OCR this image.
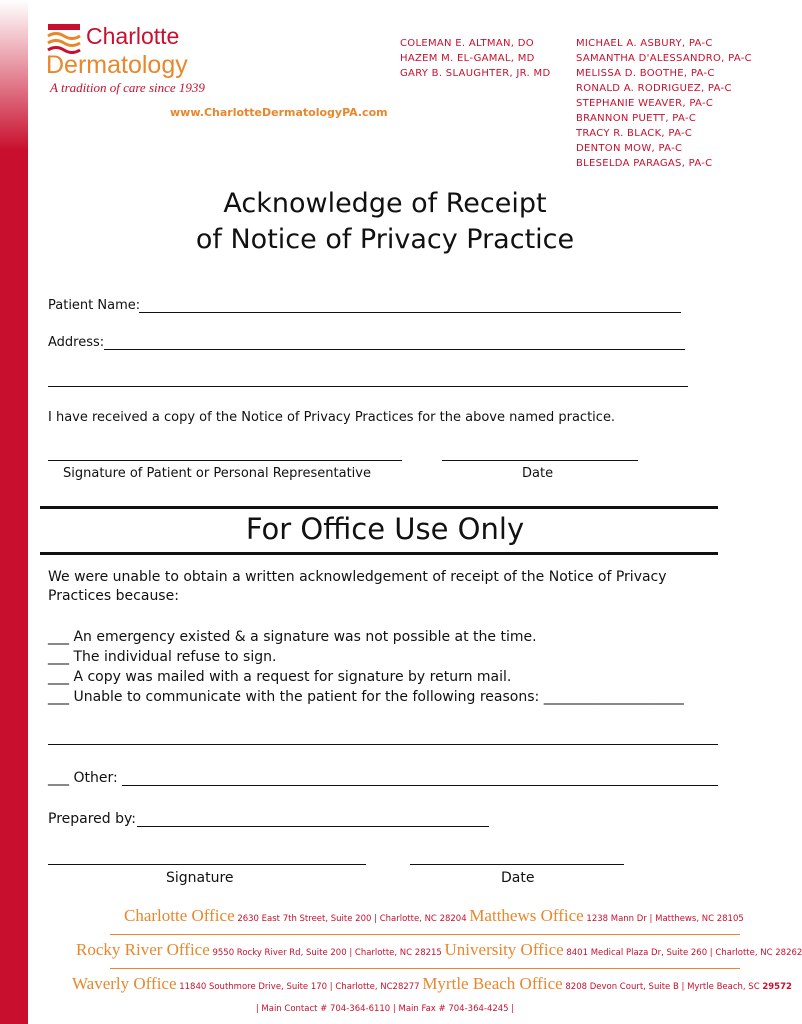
Charlotte
Dermatology
A tradition of care since 1939
www.CharlotteDermatologyPA.com
COLEMAN E. ALTMAN, DO
HAZEM M. EL-GAMAL, MD
GARY B. SLAUGHTER, JR. MD
MICHAEL A. ASBURY, PA-C
SAMANTHA D'ALESSANDRO, PA-C
MELISSA D. BOOTHE, PA-C
RONALD A. RODRIGUEZ, PA-C
STEPHANIE WEAVER, PA-C
BRANNON PUETT, PA-C
TRACY R. BLACK, PA-C
DENTON MOW, PA-C
BLESELDA PARAGAS, PA-C
Acknowledge of Receipt
of Notice of Privacy Practice
Patient Name:
Address:
I have received a copy of the Notice of Privacy Practices for the above named practice.
Signature of Patient or Personal Representative	Date
For Office Use Only
We were unable to obtain a written acknowledgement of receipt of the Notice of Privacy Practices because:
___ An emergency existed & a signature was not possible at the time.
___ The individual refuse to sign.
___ A copy was mailed with a request for signature by return mail.
___ Unable to communicate with the patient for the following reasons: ____________________
___ Other:
Prepared by:
Signature	Date
Charlotte Office 2630 East 7th Street, Suite 200 | Charlotte, NC 28204 Matthews Office 1238 Mann Dr | Matthews, NC 28105
Rocky River Office 9550 Rocky River Rd, Suite 200 | Charlotte, NC 28215 University Office 8401 Medical Plaza Dr, Suite 260 | Charlotte, NC 28262
Waverly Office 11840 Southmore Drive, Suite 170 | Charlotte, NC28277 Myrtle Beach Office 8208 Devon Court, Suite B | Myrtle Beach, SC 29572
| Main Contact # 704-364-6110 | Main Fax # 704-364-4245 |
